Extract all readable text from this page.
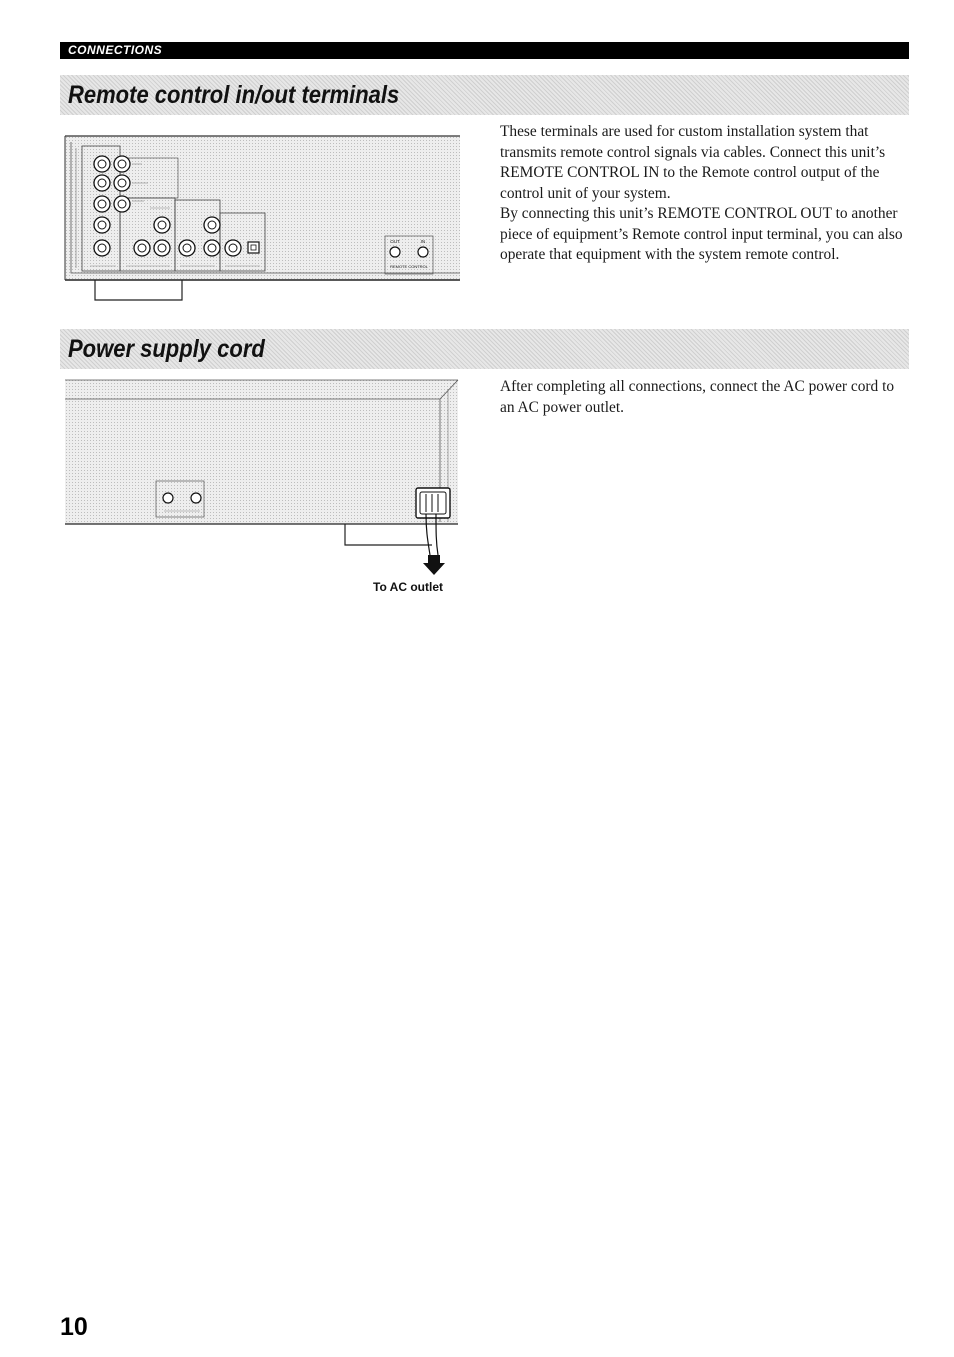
CONNECTIONS
Remote control in/out terminals
OUT	IN
REMOTE CONTROL
These terminals are used for custom installation system that transmits remote control signals via cables. Connect this unit’s REMOTE CONTROL IN to the Remote control output of the control unit of your system.
By connecting this unit’s REMOTE CONTROL OUT to another piece of equipment’s Remote control input terminal, you can also operate that equipment with the system remote control.
Power supply cord
To AC outlet
After completing all connections, connect the AC power cord to an AC power outlet.
10
